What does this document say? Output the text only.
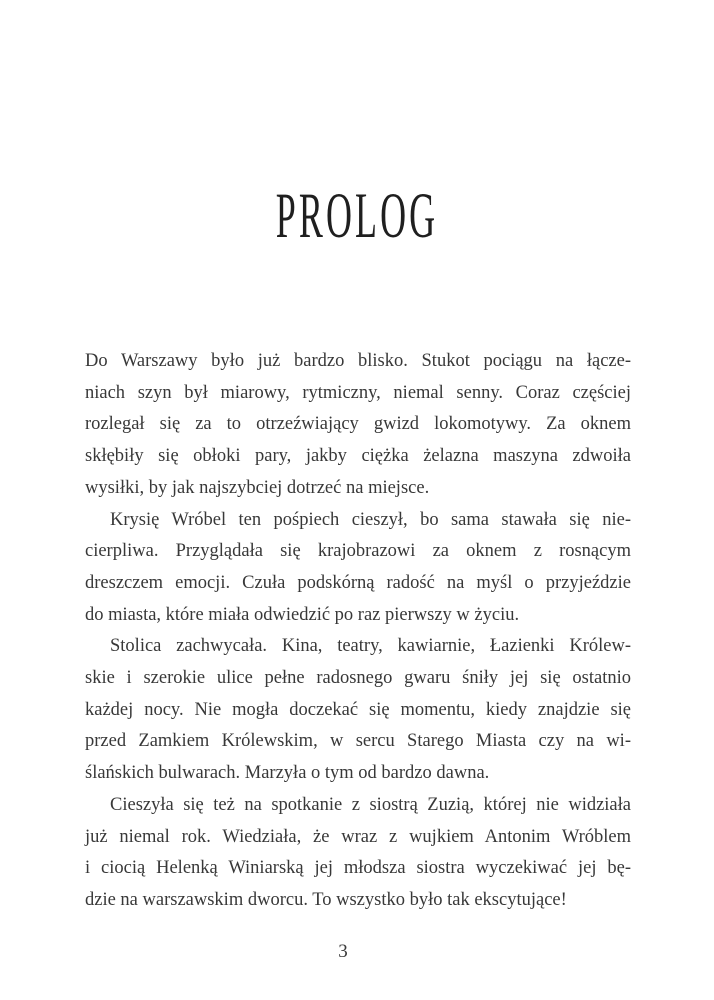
PROLOG
Do Warszawy było już bardzo blisko. Stukot pociągu na łącze-
niach szyn był miarowy, rytmiczny, niemal senny. Coraz częściej
rozlegał się za to otrzeźwiający gwizd lokomotywy. Za oknem
skłębiły się obłoki pary, jakby ciężka żelazna maszyna zdwoiła
wysiłki, by jak najszybciej dotrzeć na miejsce.
Krysię Wróbel ten pośpiech cieszył, bo sama stawała się nie-
cierpliwa. Przyglądała się krajobrazowi za oknem z rosnącym
dreszczem emocji. Czuła podskórną radość na myśl o przyjeździe
do miasta, które miała odwiedzić po raz pierwszy w życiu.
Stolica zachwycała. Kina, teatry, kawiarnie, Łazienki Królew-
skie i szerokie ulice pełne radosnego gwaru śniły jej się ostatnio
każdej nocy. Nie mogła doczekać się momentu, kiedy znajdzie się
przed Zamkiem Królewskim, w sercu Starego Miasta czy na wi-
ślańskich bulwarach. Marzyła o tym od bardzo dawna.
Cieszyła się też na spotkanie z siostrą Zuzią, której nie widziała
już niemal rok. Wiedziała, że wraz z wujkiem Antonim Wróblem
i ciocią Helenką Winiarską jej młodsza siostra wyczekiwać jej bę-
dzie na warszawskim dworcu. To wszystko było tak ekscytujące!
3
